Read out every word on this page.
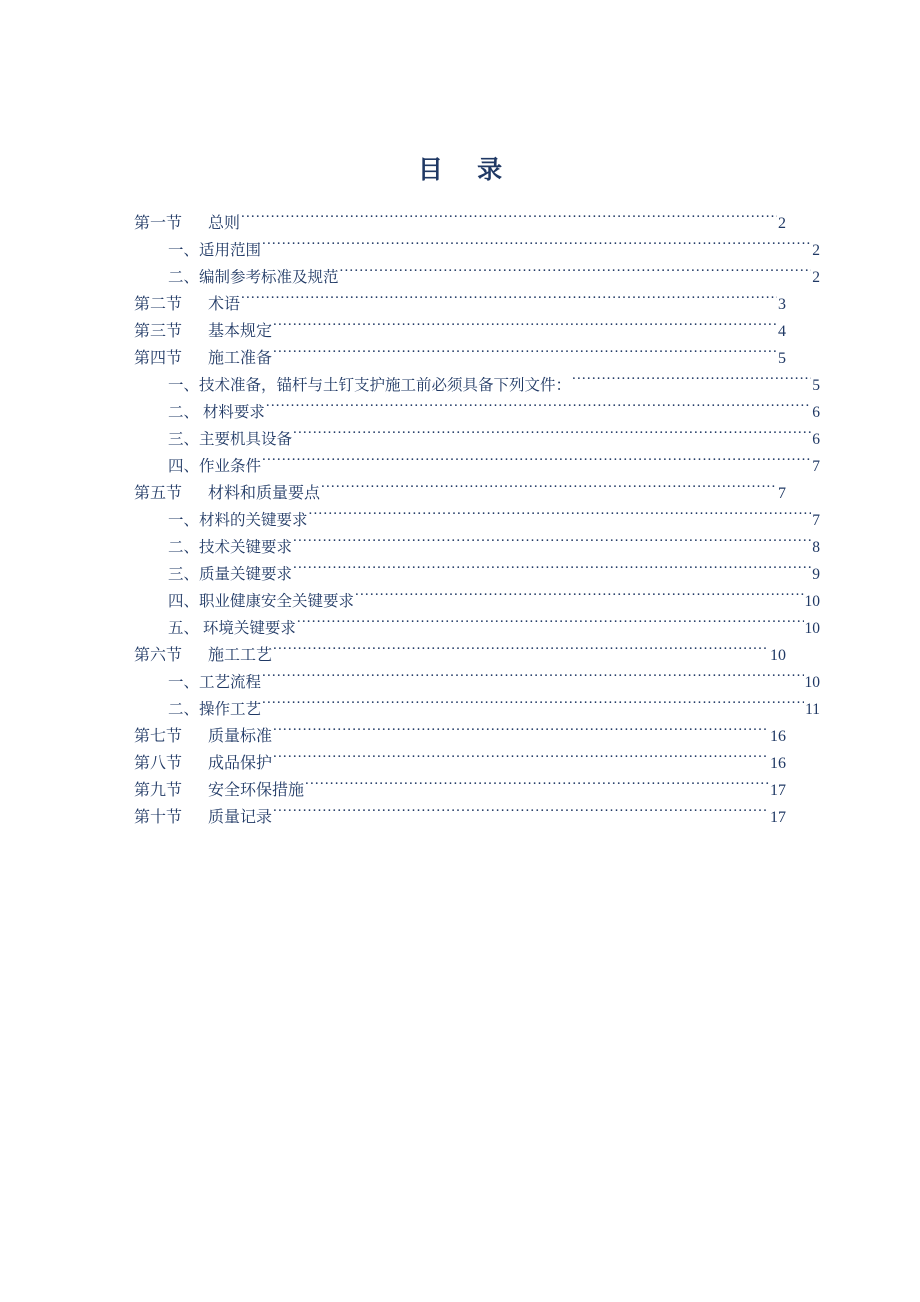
目 录
第一节	总则 .....	2
一、适用范围 .....	2
二、编制参考标准及规范 .....	2
第二节	术语 .....	3
第三节	基本规定 .....	4
第四节	施工准备 .....	5
一、技术准备，锚杆与土钉支护施工前必须具备下列文件： .....	5
二、 材料要求 .....	6
三、主要机具设备 .....	6
四、作业条件 .....	7
第五节	材料和质量要点 .....	7
一、材料的关键要求 .....	7
二、技术关键要求 .....	8
三、质量关键要求 .....	9
四、职业健康安全关键要求 .....	10
五、 环境关键要求 .....	10
第六节	施工工艺 .....	10
一、工艺流程 .....	10
二、操作工艺 .....	11
第七节	质量标准 .....	16
第八节	成品保护 .....	16
第九节	安全环保措施 .....	17
第十节	质量记录 .....	17
